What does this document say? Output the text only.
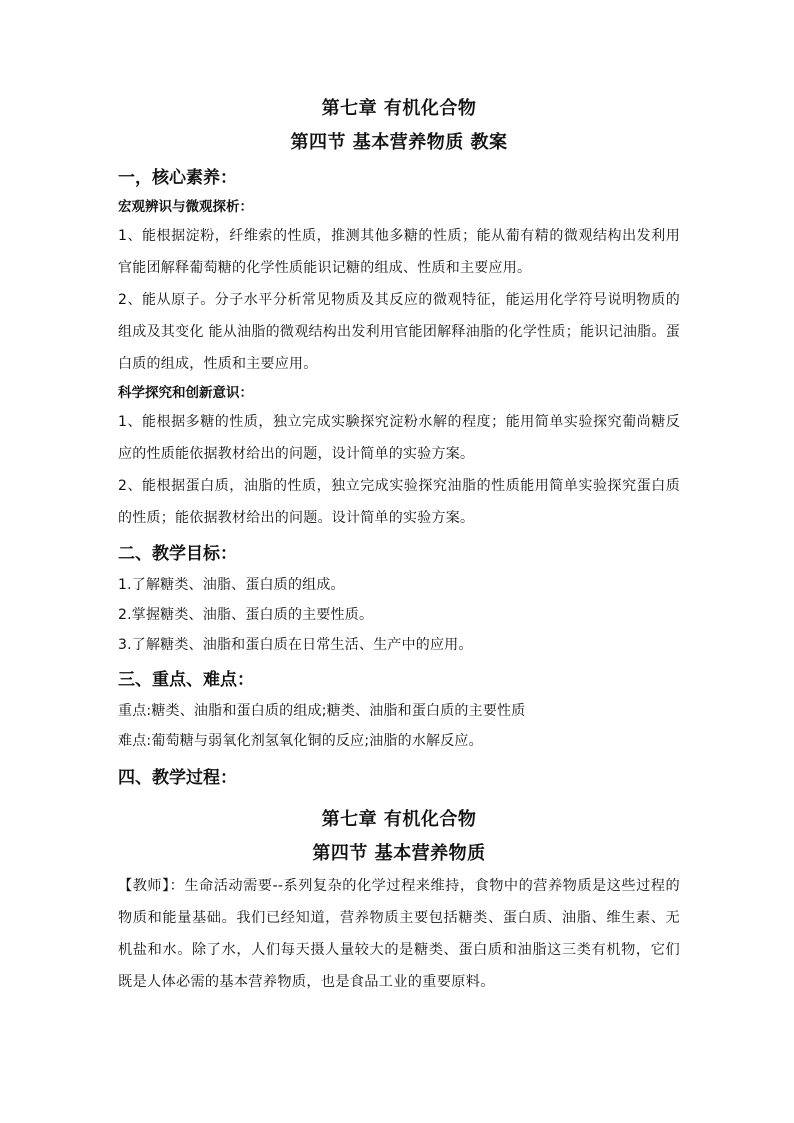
第七章 有机化合物
第四节 基本营养物质 教案
一，核心素养：
宏观辨识与微观探析：
1、能根据淀粉，纤维索的性质，推测其他多糖的性质；能从葡有精的微观结构出发利用官能团解释葡萄糖的化学性质能识记糖的组成、性质和主要应用。
2、能从原子。分子水平分析常见物质及其反应的微观特征，能运用化学符号说明物质的组成及其变化 能从油脂的微观结构出发利用官能团解释油脂的化学性质；能识记油脂。蛋白质的组成，性质和主要应用。
科学探究和创新意识：
1、能根据多糖的性质，独立完成实験探究淀粉水解的程度；能用简单实验探究葡尚糖反应的性质能依据教材给出的问题，设计简单的实验方案。
2、能根据蛋白质，油脂的性质，独立完成实验探究油脂的性质能用简单实验探究蛋白质的性质；能依据教材给出的问题。设计简单的实验方案。
二、教学目标：
1.了解糖类、油脂、蛋白质的组成。
2.掌握糖类、油脂、蛋白质的主要性质。
3.了解糖类、油脂和蛋白质在日常生活、生产中的应用。
三、重点、难点：
重点:糖类、油脂和蛋白质的组成;糖类、油脂和蛋白质的主要性质
难点:葡萄糖与弱氧化剂氢氧化铜的反应;油脂的水解反应。
四、教学过程：
第七章 有机化合物
第四节 基本营养物质
【教师】：生命活动需要--系列复杂的化学过程来维持，食物中的营养物质是这些过程的物质和能量基础。我们已经知道，营养物质主要包括糖类、蛋白质、油脂、维生素、无机盐和水。除了水，人们每天摄人量较大的是糖类、蛋白质和油脂这三类有机物，它们既是人体必需的基本营养物质，也是食品工业的重要原料。
